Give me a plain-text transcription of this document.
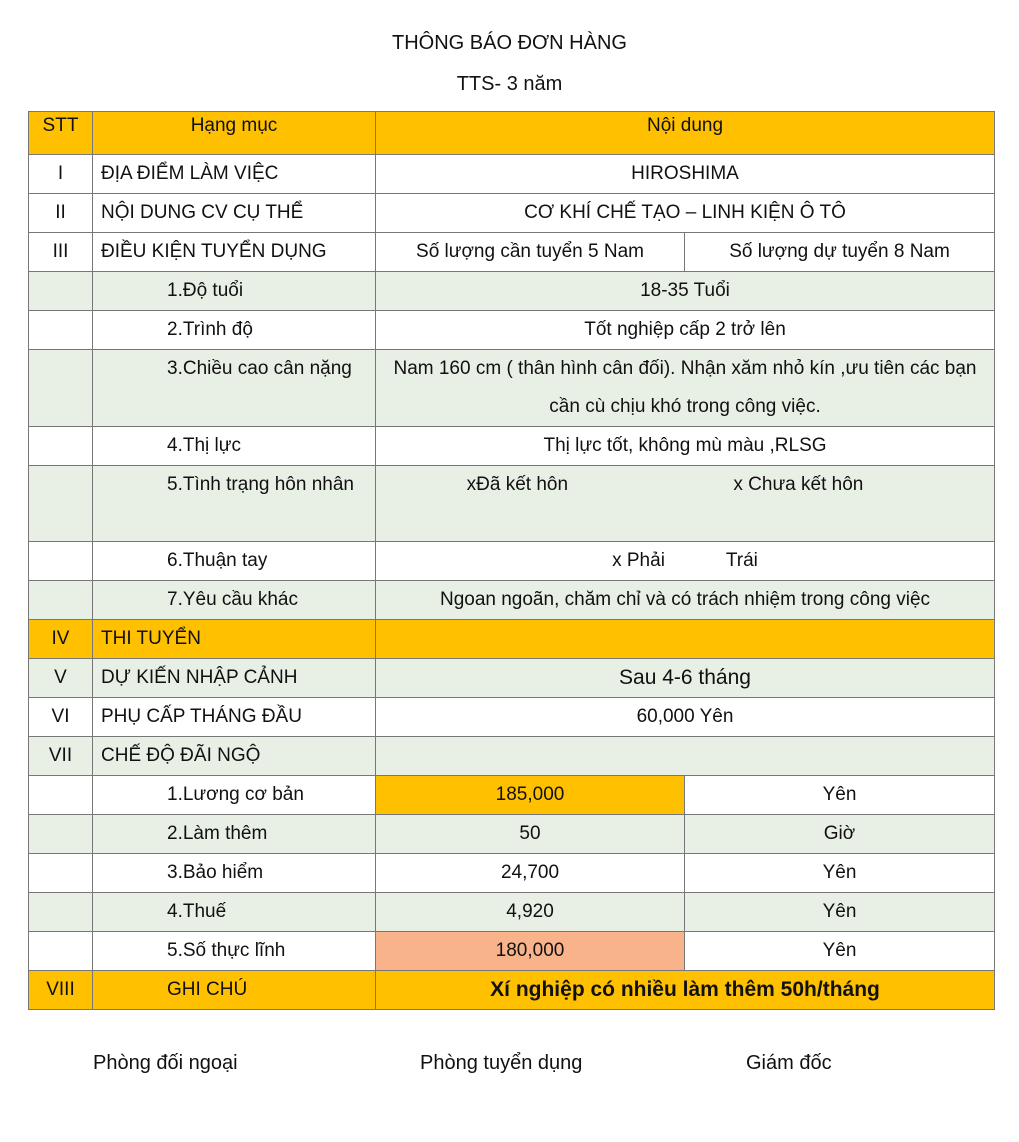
THÔNG BÁO ĐƠN HÀNG
TTS- 3 năm
STT	Hạng mục	Nội dung	
I	ĐỊA ĐIỂM LÀM VIỆC	HIROSHIMA	
II	NỘI DUNG CV CỤ THỂ	CƠ KHÍ CHẾ TẠO – LINH KIỆN Ô TÔ	
III	ĐIỀU KIỆN TUYỂN DỤNG	Số lượng cần tuyển 5 Nam	Số lượng dự tuyển 8 Nam
	1.Độ tuổi	18-35 Tuổi	
	2.Trình độ	Tốt nghiệp cấp 2 trở lên	
	3.Chiều cao cân nặng	Nam 160 cm ( thân hình cân đối). Nhận xăm nhỏ kín ,ưu tiên các bạn cần cù chịu khó trong công việc.	
	4.Thị lực	Thị lực tốt, không mù màu ,RLSG	
	5.Tình trạng hôn nhân	xĐã kết hôn x Chưa kết hôn	

	6.Thuận tay	x Phải Trái	
	7.Yêu cầu khác	Ngoan ngoãn, chăm chỉ và có trách nhiệm trong công việc	
IV	THI TUYỂN		
V	DỰ KIẾN NHẬP CẢNH	Sau 4-6 tháng	
VI	PHỤ CẤP THÁNG ĐẦU	60,000 Yên	
VII	CHẾ ĐỘ ĐÃI NGỘ		
	1.Lương cơ bản	185,000	Yên
	2.Làm thêm	50	Giờ
	3.Bảo hiểm	24,700	Yên
	4.Thuế	4,920	Yên
	5.Số thực lĩnh	180,000	Yên
VIII	GHI CHÚ	Xí nghiệp có nhiều làm thêm 50h/tháng	
Phòng đối ngoại	Phòng tuyển dụng	Giám đốc
